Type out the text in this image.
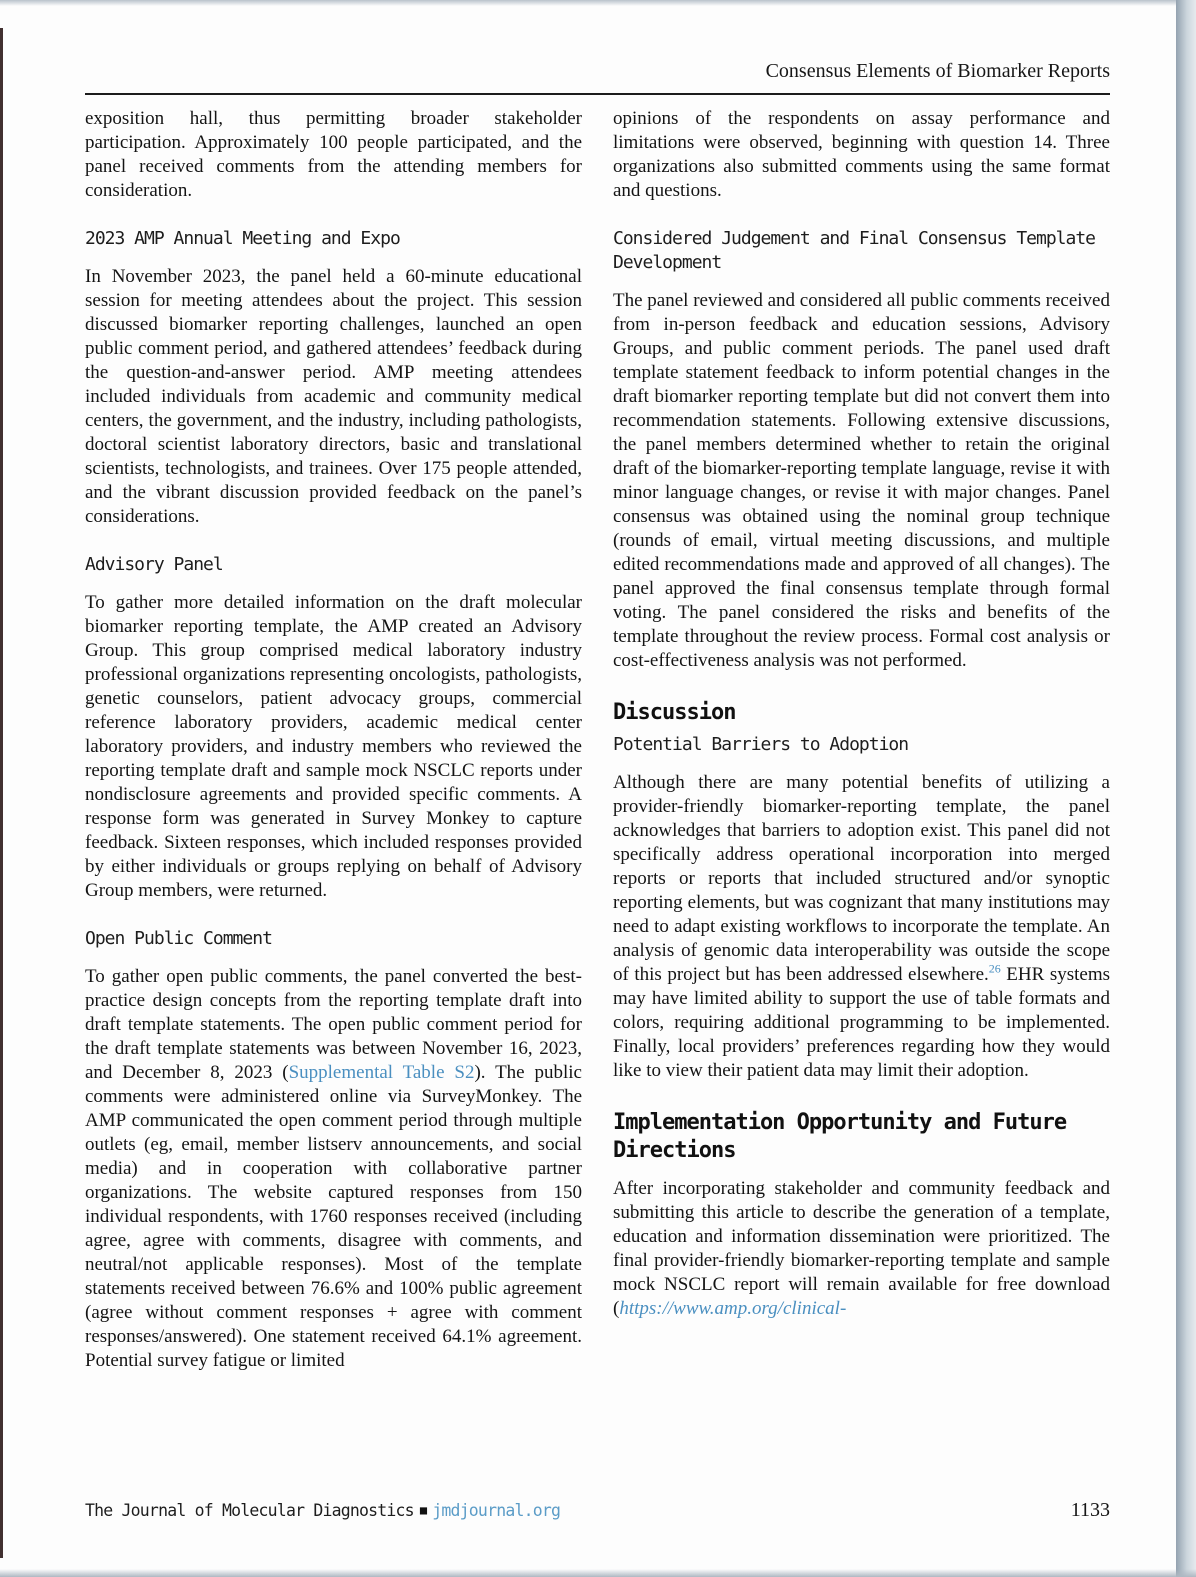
Consensus Elements of Biomarker Reports

exposition hall, thus permitting broader stakeholder participation. Approximately 100 people participated, and the panel received comments from the attending members for consideration.

2023 AMP Annual Meeting and Expo

In November 2023, the panel held a 60-minute educational session for meeting attendees about the project. This session discussed biomarker reporting challenges, launched an open public comment period, and gathered attendees’ feedback during the question-and-answer period. AMP meeting attendees included individuals from academic and community medical centers, the government, and the industry, including pathologists, doctoral scientist laboratory directors, basic and translational scientists, technologists, and trainees. Over 175 people attended, and the vibrant discussion provided feedback on the panel’s considerations.

Advisory Panel

To gather more detailed information on the draft molecular biomarker reporting template, the AMP created an Advisory Group. This group comprised medical laboratory industry professional organizations representing oncologists, pathologists, genetic counselors, patient advocacy groups, commercial reference laboratory providers, academic medical center laboratory providers, and industry members who reviewed the reporting template draft and sample mock NSCLC reports under nondisclosure agreements and provided specific comments. A response form was generated in Survey Monkey to capture feedback. Sixteen responses, which included responses provided by either individuals or groups replying on behalf of Advisory Group members, were returned.

Open Public Comment

To gather open public comments, the panel converted the best-practice design concepts from the reporting template draft into draft template statements. The open public comment period for the draft template statements was between November 16, 2023, and December 8, 2023 (Supplemental Table S2). The public comments were administered online via SurveyMonkey. The AMP communicated the open comment period through multiple outlets (eg, email, member listserv announcements, and social media) and in cooperation with collaborative partner organizations. The website captured responses from 150 individual respondents, with 1760 responses received (including agree, agree with comments, disagree with comments, and neutral/not applicable responses). Most of the template statements received between 76.6% and 100% public agreement (agree without comment responses + agree with comment responses/answered). One statement received 64.1% agreement. Potential survey fatigue or limited

opinions of the respondents on assay performance and limitations were observed, beginning with question 14. Three organizations also submitted comments using the same format and questions.

Considered Judgement and Final Consensus Template Development

The panel reviewed and considered all public comments received from in-person feedback and education sessions, Advisory Groups, and public comment periods. The panel used draft template statement feedback to inform potential changes in the draft biomarker reporting template but did not convert them into recommendation statements. Following extensive discussions, the panel members determined whether to retain the original draft of the biomarker-reporting template language, revise it with minor language changes, or revise it with major changes. Panel consensus was obtained using the nominal group technique (rounds of email, virtual meeting discussions, and multiple edited recommendations made and approved of all changes). The panel approved the final consensus template through formal voting. The panel considered the risks and benefits of the template throughout the review process. Formal cost analysis or cost-effectiveness analysis was not performed.

Discussion
Potential Barriers to Adoption

Although there are many potential benefits of utilizing a provider-friendly biomarker-reporting template, the panel acknowledges that barriers to adoption exist. This panel did not specifically address operational incorporation into merged reports or reports that included structured and/or synoptic reporting elements, but was cognizant that many institutions may need to adapt existing workflows to incorporate the template. An analysis of genomic data interoperability was outside the scope of this project but has been addressed elsewhere.$^{26}$ EHR systems may have limited ability to support the use of table formats and colors, requiring additional programming to be implemented. Finally, local providers’ preferences regarding how they would like to view their patient data may limit their adoption.

Implementation Opportunity and Future Directions

After incorporating stakeholder and community feedback and submitting this article to describe the generation of a template, education and information dissemination were prioritized. The final provider-friendly biomarker-reporting template and sample mock NSCLC report will remain available for free download (https://www.amp.org/clinical-

The Journal of Molecular Diagnostics ■ jmdjournal.org	1133
